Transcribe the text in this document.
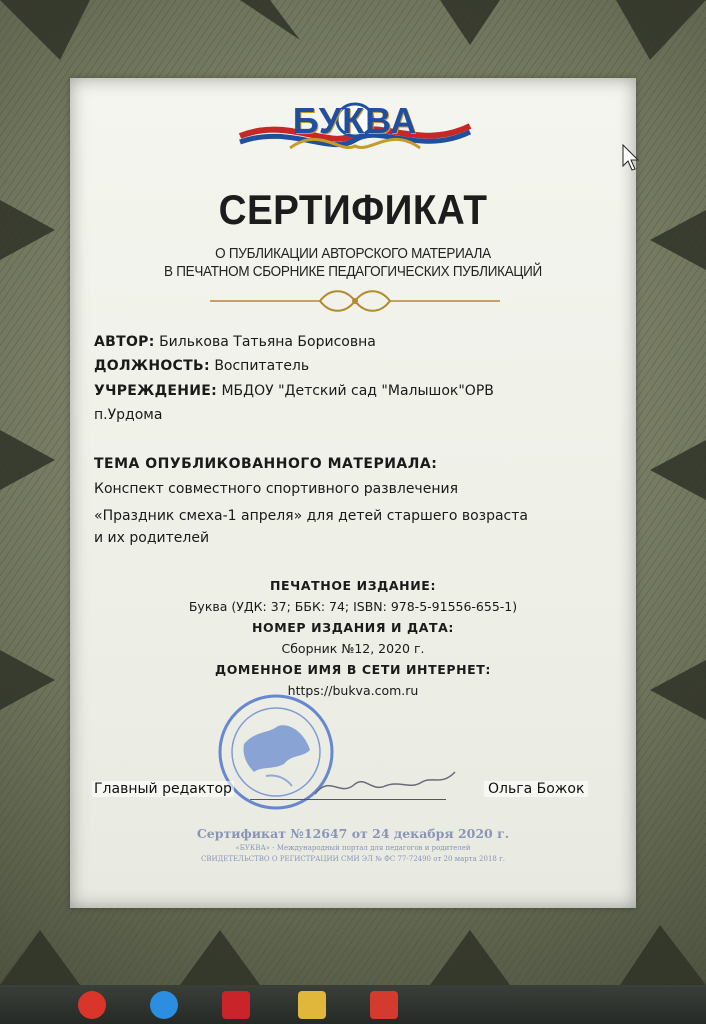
БУКВА
СЕРТИФИКАТ
О ПУБЛИКАЦИИ АВТОРСКОГО МАТЕРИАЛА
В ПЕЧАТНОМ СБОРНИКЕ ПЕДАГОГИЧЕСКИХ ПУБЛИКАЦИЙ
АВТОР: Билькова Татьяна Борисовна
ДОЛЖНОСТЬ: Воспитатель
УЧРЕЖДЕНИЕ: МБДОУ "Детский сад "Малышок"ОРВ
п.Урдома
ТЕМА ОПУБЛИКОВАННОГО МАТЕРИАЛА:
Конспект совместного спортивного развлечения
«Праздник смеха-1 апреля» для детей старшего возраста
и их родителей
ПЕЧАТНОЕ ИЗДАНИЕ:
Буква (УДК: 37; ББК: 74; ISBN: 978-5-91556-655-1)
НОМЕР ИЗДАНИЯ И ДАТА:
Сборник №12, 2020 г.
ДОМЕННОЕ ИМЯ В СЕТИ ИНТЕРНЕТ:
https://bukva.com.ru
Главный редактор	Ольга Божок
Сертификат №12647 от 24 декабря 2020 г.
«БУКВА» - Международный портал для педагогов и родителей
СВИДЕТЕЛЬСТВО О РЕГИСТРАЦИИ СМИ ЭЛ № ФС 77-72490 от 20 марта 2018 г.
